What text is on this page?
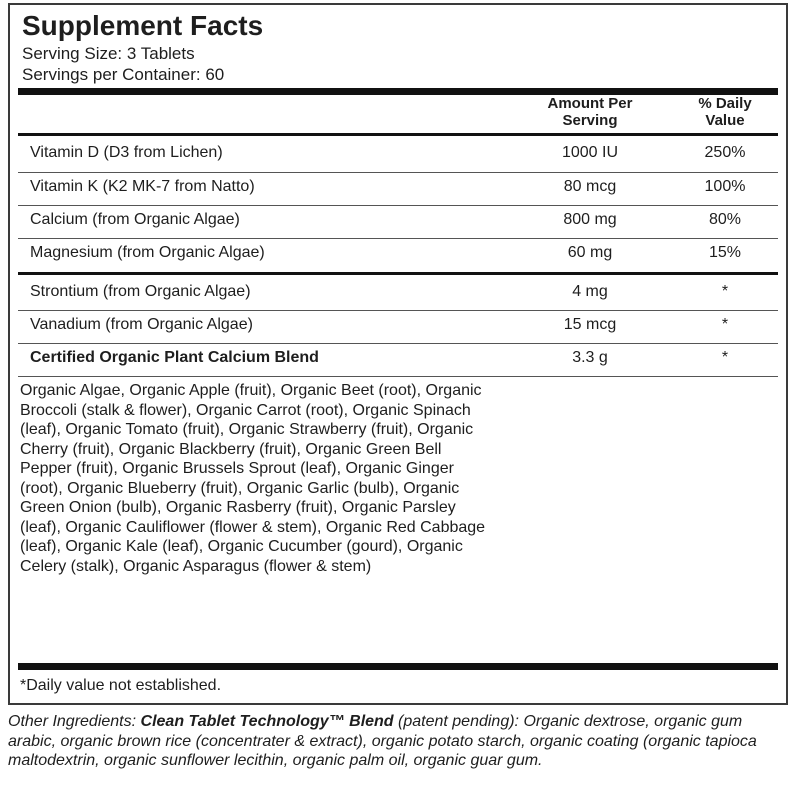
Supplement Facts
Serving Size: 3 Tablets
Servings per Container: 60
Amount Per
Serving
% Daily
Value
Vitamin D (D3 from Lichen)	1000 IU	250%
Vitamin K (K2 MK-7 from Natto)	80 mcg	100%
Calcium (from Organic Algae)	800 mg	80%
Magnesium (from Organic Algae)	60 mg	15%
Strontium (from Organic Algae)	4 mg	*
Vanadium (from Organic Algae)	15 mcg	*
Certified Organic Plant Calcium Blend	3.3 g	*

Organic Algae, Organic Apple (fruit), Organic Beet (root), Organic Broccoli (stalk & flower), Organic Carrot (root), Organic Spinach (leaf), Organic Tomato (fruit), Organic Strawberry (fruit), Organic Cherry (fruit), Organic Blackberry (fruit), Organic Green Bell Pepper (fruit), Organic Brussels Sprout (leaf), Organic Ginger (root), Organic Blueberry (fruit), Organic Garlic (bulb), Organic Green Onion (bulb), Organic Rasberry (fruit), Organic Parsley (leaf), Organic Cauliflower (flower & stem), Organic Red Cabbage (leaf), Organic Kale (leaf), Organic Cucumber (gourd), Organic Celery (stalk), Organic Asparagus (flower & stem)

*Daily value not established.

Other Ingredients: Clean Tablet Technology™ Blend (patent pending): Organic dextrose, organic gum arabic, organic brown rice (concentrater & extract), organic potato starch, organic coating (organic tapioca maltodextrin, organic sunflower lecithin, organic palm oil, organic guar gum.
